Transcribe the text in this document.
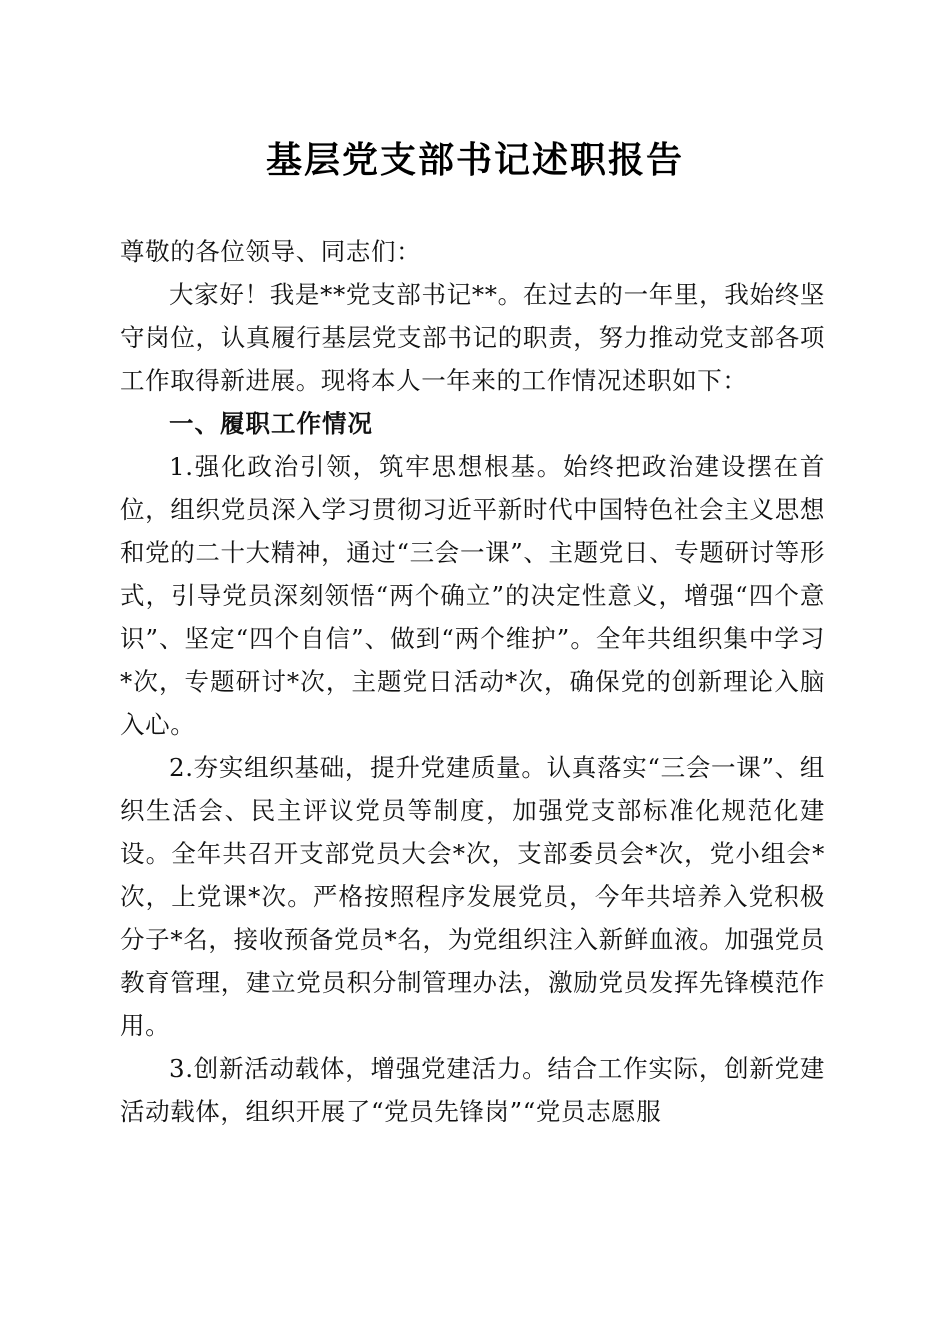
基层党支部书记述职报告

尊敬的各位领导、同志们：

大家好！我是**党支部书记**。在过去的一年里，我始终坚守岗位，认真履行基层党支部书记的职责，努力推动党支部各项工作取得新进展。现将本人一年来的工作情况述职如下：

一、履职工作情况

1.强化政治引领，筑牢思想根基。始终把政治建设摆在首位，组织党员深入学习贯彻习近平新时代中国特色社会主义思想和党的二十大精神，通过“三会一课”、主题党日、专题研讨等形式，引导党员深刻领悟“两个确立”的决定性意义，增强“四个意识”、坚定“四个自信”、做到“两个维护”。全年共组织集中学习*次，专题研讨*次，主题党日活动*次，确保党的创新理论入脑入心。

2.夯实组织基础，提升党建质量。认真落实“三会一课”、组织生活会、民主评议党员等制度，加强党支部标准化规范化建设。全年共召开支部党员大会*次，支部委员会*次，党小组会*次，上党课*次。严格按照程序发展党员，今年共培养入党积极分子*名，接收预备党员*名，为党组织注入新鲜血液。加强党员教育管理，建立党员积分制管理办法，激励党员发挥先锋模范作用。

3.创新活动载体，增强党建活力。结合工作实际，创新党建活动载体，组织开展了“党员先锋岗”“党员志愿服
